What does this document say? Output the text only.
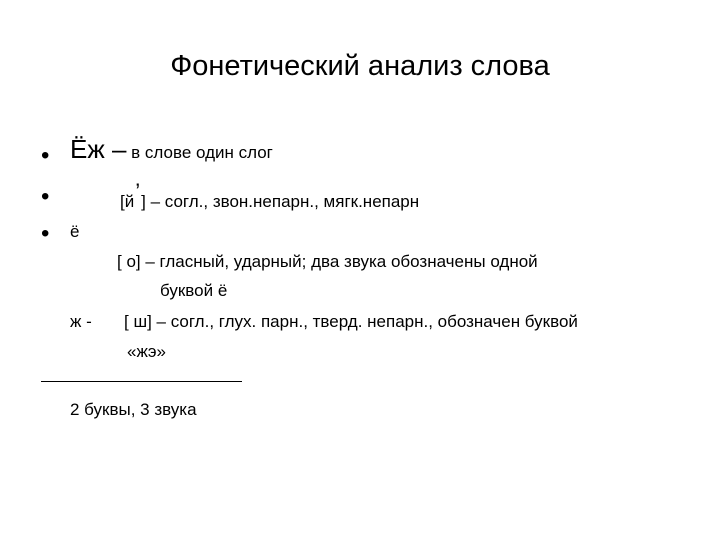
Фонетический анализ слова
• Ёж – в слове один слог
•	[й’] – согл., звон.непарн., мягк.непарн
• ё
[ о] – гласный, ударный; два звука обозначены одной
буквой ё
ж - [ ш] – согл., глух. парн., тверд. непарн., обозначен буквой
«жэ»
2 буквы, 3 звука
